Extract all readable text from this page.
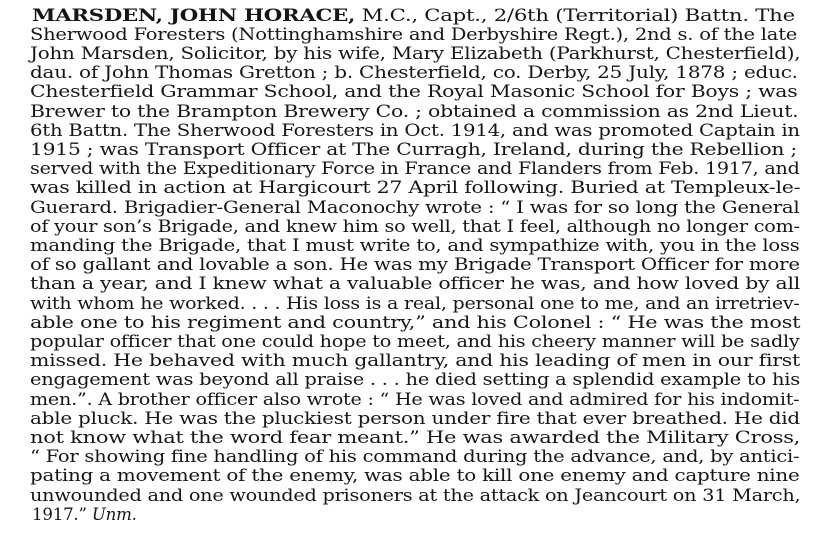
MARSDEN, JOHN HORACE, M.C., Capt., 2/6th (Territorial) Battn. The
Sherwood Foresters (Nottinghamshire and Derbyshire Regt.), 2nd s. of the late
John Marsden, Solicitor, by his wife, Mary Elizabeth (Parkhurst, Chesterfield),
dau. of John Thomas Gretton ; b. Chesterfield, co. Derby, 25 July, 1878 ; educ.
Chesterfield Grammar School, and the Royal Masonic School for Boys ; was
Brewer to the Brampton Brewery Co. ; obtained a commission as 2nd Lieut.
6th Battn. The Sherwood Foresters in Oct. 1914, and was promoted Captain in
1915 ; was Transport Officer at The Curragh, Ireland, during the Rebellion ;
served with the Expeditionary Force in France and Flanders from Feb. 1917, and
was killed in action at Hargicourt 27 April following. Buried at Templeux-le-
Guerard. Brigadier-General Maconochy wrote : “ I was for so long the General
of your son’s Brigade, and knew him so well, that I feel, although no longer com-
manding the Brigade, that I must write to, and sympathize with, you in the loss
of so gallant and lovable a son. He was my Brigade Transport Officer for more
than a year, and I knew what a valuable officer he was, and how loved by all
with whom he worked. . . . His loss is a real, personal one to me, and an irretriev-
able one to his regiment and country,” and his Colonel : “ He was the most
popular officer that one could hope to meet, and his cheery manner will be sadly
missed. He behaved with much gallantry, and his leading of men in our first
engagement was beyond all praise . . . he died setting a splendid example to his
men.”. A brother officer also wrote : “ He was loved and admired for his indomit-
able pluck. He was the pluckiest person under fire that ever breathed. He did
not know what the word fear meant.” He was awarded the Military Cross,
“ For showing fine handling of his command during the advance, and, by antici-
pating a movement of the enemy, was able to kill one enemy and capture nine
unwounded and one wounded prisoners at the attack on Jeancourt on 31 March,
1917.” Unm.
